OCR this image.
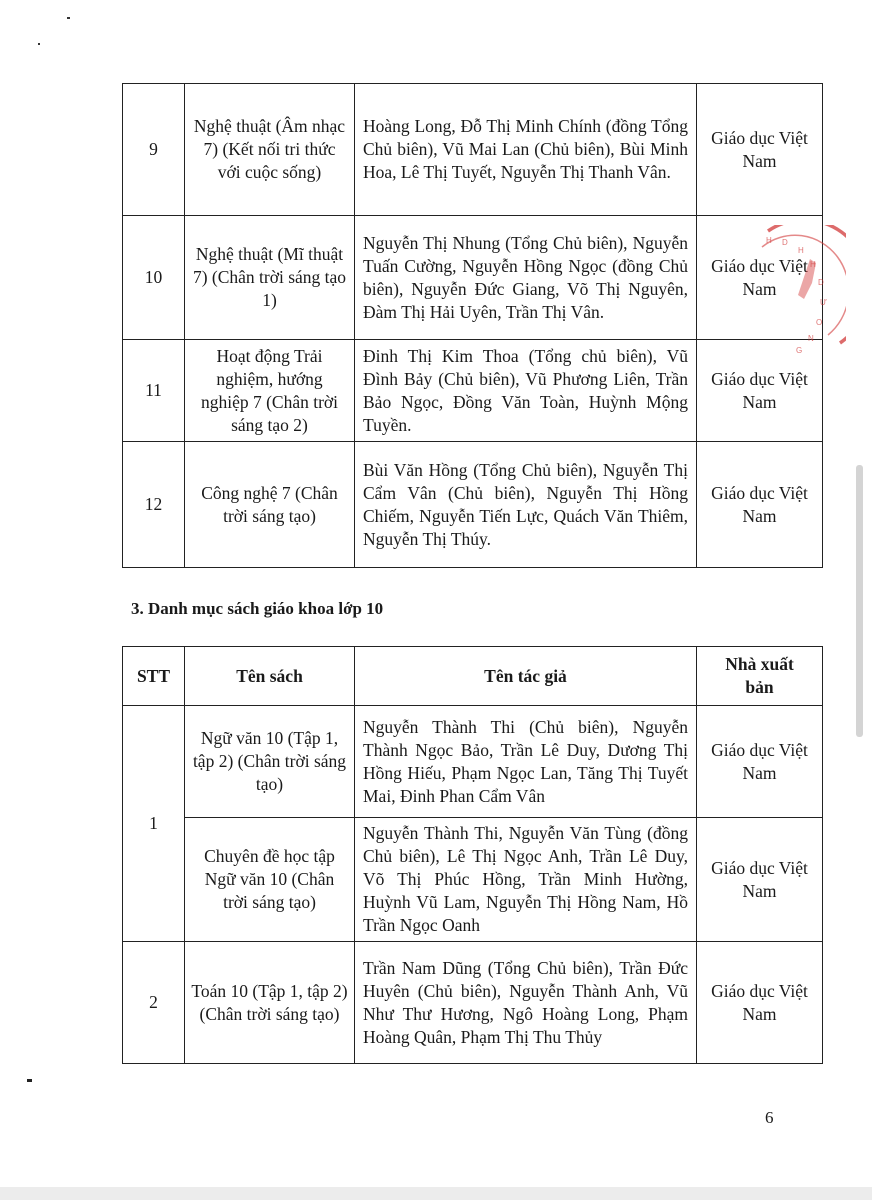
9	Nghệ thuật (Âm nhạc 7) (Kết nối tri thức với cuộc sống)	Hoàng Long, Đỗ Thị Minh Chính (đồng Tổng Chủ biên), Vũ Mai Lan (Chủ biên), Bùi Minh Hoa, Lê Thị Tuyết, Nguyễn Thị Thanh Vân.	Giáo dục Việt Nam
10	Nghệ thuật (Mĩ thuật 7) (Chân trời sáng tạo 1)	Nguyễn Thị Nhung (Tổng Chủ biên), Nguyễn Tuấn Cường, Nguyễn Hồng Ngọc (đồng Chủ biên), Nguyễn Đức Giang, Võ Thị Nguyên, Đàm Thị Hải Uyên, Trần Thị Vân.	Giáo dục Việt Nam
11	Hoạt động Trải nghiệm, hướng nghiệp 7 (Chân trời sáng tạo 2)	Đinh Thị Kim Thoa (Tổng chủ biên), Vũ Đình Bảy (Chủ biên), Vũ Phương Liên, Trần Bảo Ngọc, Đồng Văn Toàn, Huỳnh Mộng Tuyền.	Giáo dục Việt Nam
12	Công nghệ 7 (Chân trời sáng tạo)	Bùi Văn Hồng (Tổng Chủ biên), Nguyễn Thị Cẩm Vân (Chủ biên), Nguyễn Thị Hồng Chiếm, Nguyễn Tiến Lực, Quách Văn Thiêm, Nguyễn Thị Thúy.	Giáo dục Việt Nam
H D
H
H
D
Ư
O
N
G
3. Danh mục sách giáo khoa lớp 10
STT	Tên sách	Tên tác giả	Nhà xuất bản
1	Ngữ văn 10 (Tập 1, tập 2) (Chân trời sáng tạo)	Nguyễn Thành Thi (Chủ biên), Nguyễn Thành Ngọc Bảo, Trần Lê Duy, Dương Thị Hồng Hiếu, Phạm Ngọc Lan, Tăng Thị Tuyết Mai, Đinh Phan Cẩm Vân	Giáo dục Việt Nam
	Chuyên đề học tập Ngữ văn 10 (Chân trời sáng tạo)	Nguyễn Thành Thi, Nguyễn Văn Tùng (đồng Chủ biên), Lê Thị Ngọc Anh, Trần Lê Duy, Võ Thị Phúc Hồng, Trần Minh Hường, Huỳnh Vũ Lam, Nguyễn Thị Hồng Nam, Hồ Trần Ngọc Oanh	Giáo dục Việt Nam
2	Toán 10 (Tập 1, tập 2) (Chân trời sáng tạo)	Trần Nam Dũng (Tổng Chủ biên), Trần Đức Huyên (Chủ biên), Nguyễn Thành Anh, Vũ Như Thư Hương, Ngô Hoàng Long, Phạm Hoàng Quân, Phạm Thị Thu Thủy	Giáo dục Việt Nam
6
